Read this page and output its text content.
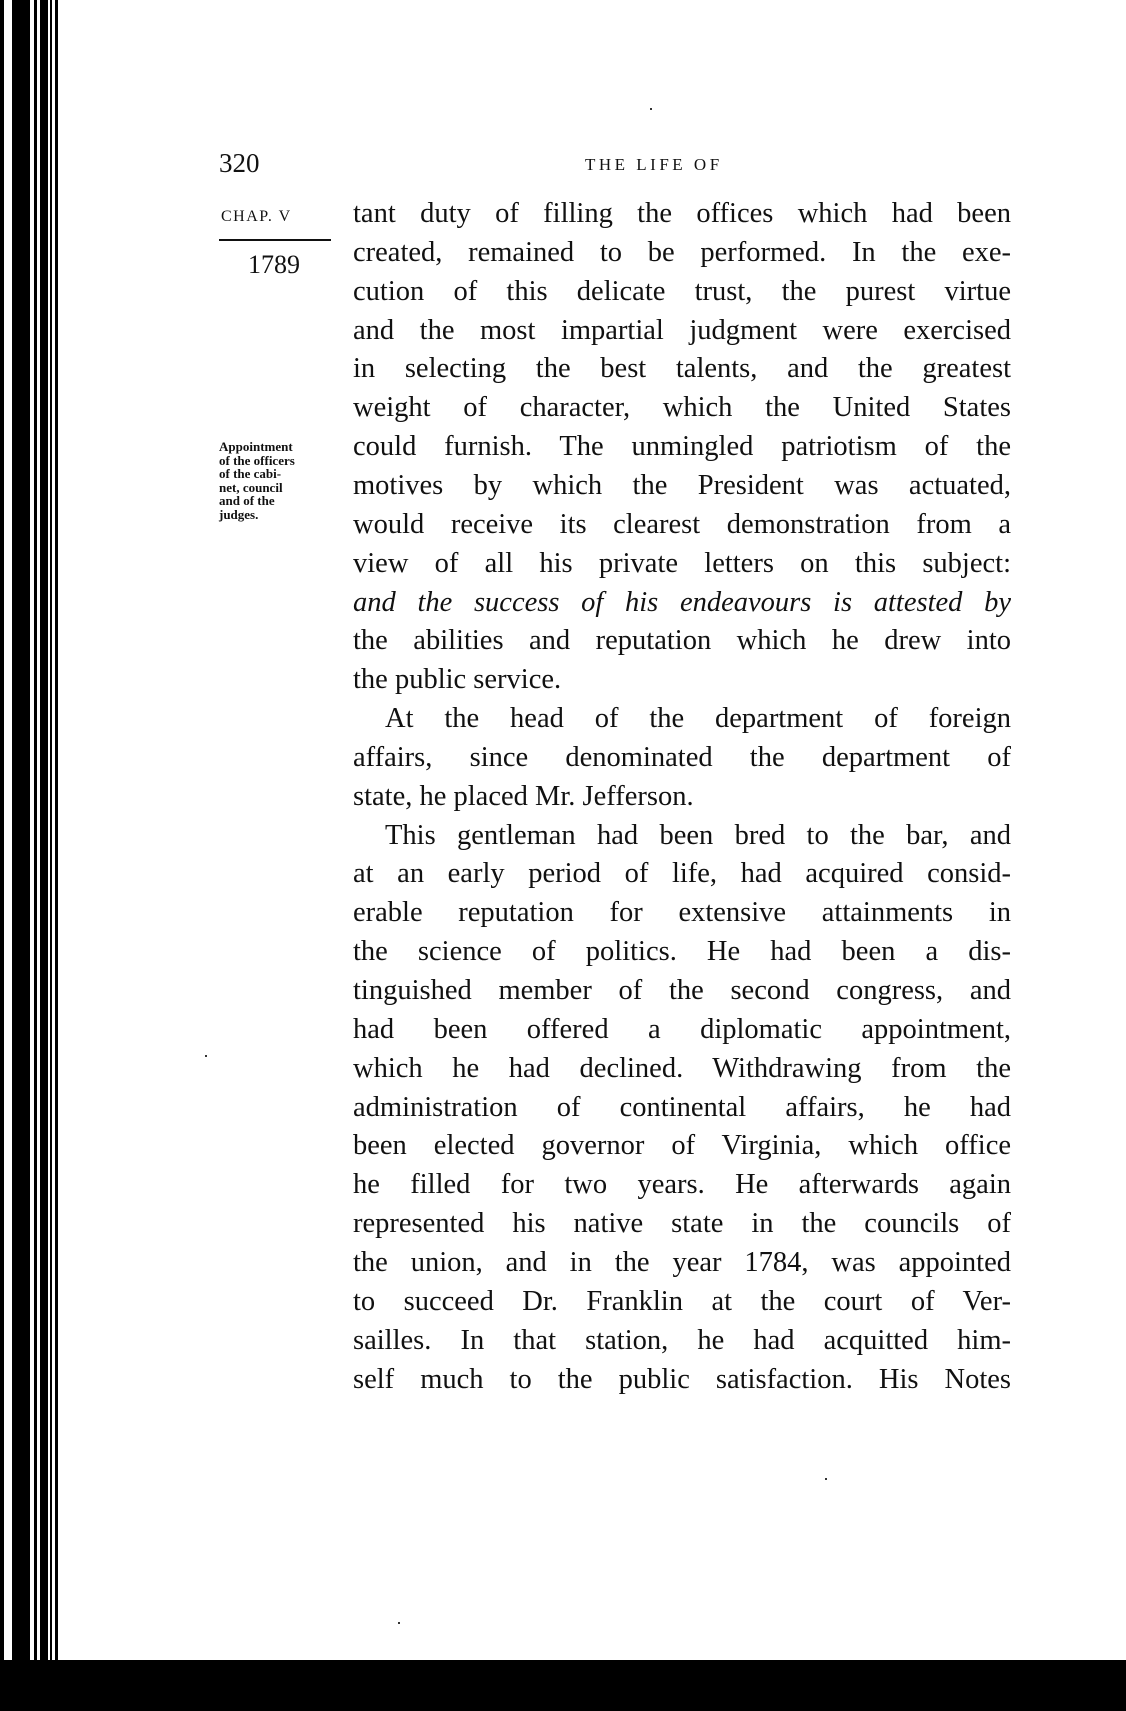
320	THE LIFE OF
CHAP. V
1789
Appointment
of the officers
of the cabi-
net, council
and of the
judges.
tant duty of filling the offices which had been
created, remained to be performed. In the exe-
cution of this delicate trust, the purest virtue
and the most impartial judgment were exercised
in selecting the best talents, and the greatest
weight of character, which the United States
could furnish. The unmingled patriotism of the
motives by which the President was actuated,
would receive its clearest demonstration from a
view of all his private letters on this subject:
and the success of his endeavours is attested by
the abilities and reputation which he drew into
the public service.
At the head of the department of foreign
affairs, since denominated the department of
state, he placed Mr. Jefferson.
This gentleman had been bred to the bar, and
at an early period of life, had acquired consid-
erable reputation for extensive attainments in
the science of politics. He had been a dis-
tinguished member of the second congress, and
had been offered a diplomatic appointment,
which he had declined. Withdrawing from the
administration of continental affairs, he had
been elected governor of Virginia, which office
he filled for two years. He afterwards again
represented his native state in the councils of
the union, and in the year 1784, was appointed
to succeed Dr. Franklin at the court of Ver-
sailles. In that station, he had acquitted him-
self much to the public satisfaction. His Notes
